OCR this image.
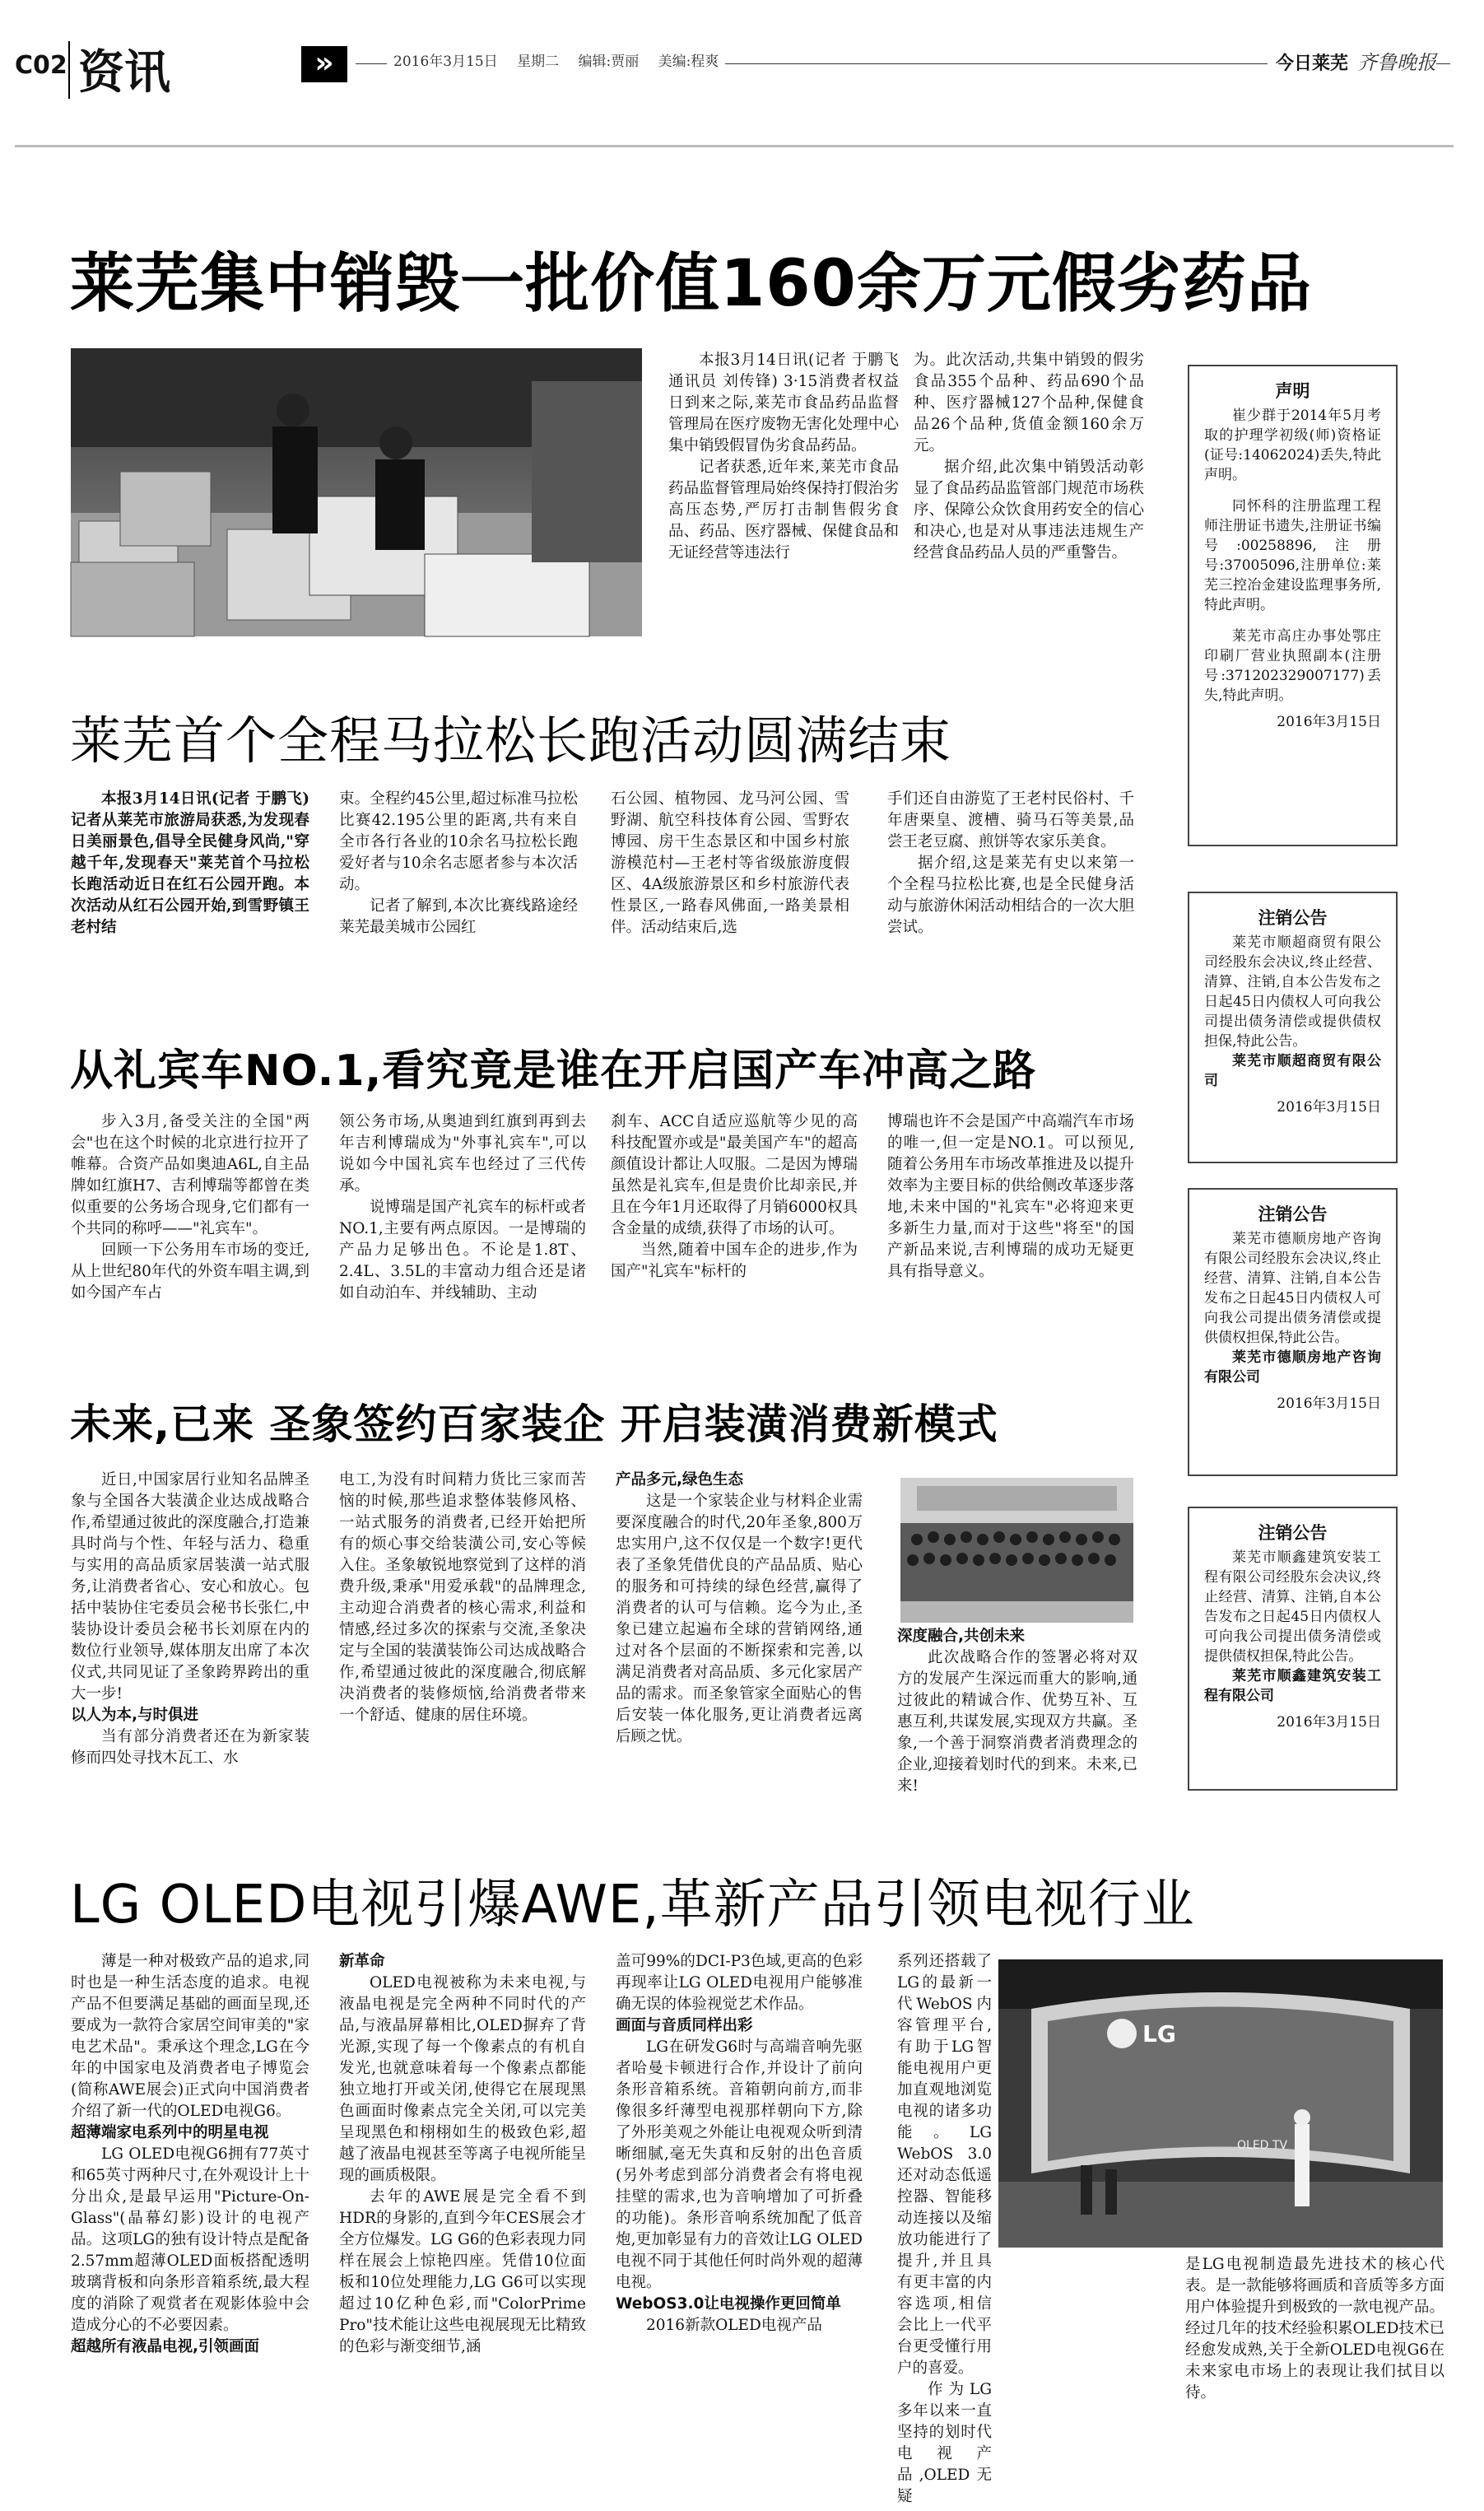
C02 资讯	»	2016年3月15日 星期二 编辑:贾丽 美编:程爽	今日莱芜 齐鲁晚报
莱芜集中销毁一批价值160余万元假劣药品

本报3月14日讯(记者 于鹏飞 通讯员 刘传锋) 3·15消费者权益日到来之际,莱芜市食品药品监督管理局在医疗废物无害化处理中心集中销毁假冒伪劣食品药品。

记者获悉,近年来,莱芜市食品药品监督管理局始终保持打假治劣高压态势,严厉打击制售假劣食品、药品、医疗器械、保健食品和无证经营等违法行

为。此次活动,共集中销毁的假劣食品355个品种、药品690个品种、医疗器械127个品种,保健食品26个品种,货值金额160余万元。

据介绍,此次集中销毁活动彰显了食品药品监管部门规范市场秩序、保障公众饮食用药安全的信心和决心,也是对从事违法违规生产经营食品药品人员的严重警告。

莱芜首个全程马拉松长跑活动圆满结束

本报3月14日讯(记者 于鹏飞) 记者从莱芜市旅游局获悉,为发现春日美丽景色,倡导全民健身风尚,"穿越千年,发现春天"莱芜首个马拉松长跑活动近日在红石公园开跑。本次活动从红石公园开始,到雪野镇王老村结

束。全程约45公里,超过标准马拉松比赛42.195公里的距离,共有来自全市各行各业的10余名马拉松长跑爱好者与10余名志愿者参与本次活动。

记者了解到,本次比赛线路途经莱芜最美城市公园红

石公园、植物园、龙马河公园、雪野湖、航空科技体育公园、雪野农博园、房干生态景区和中国乡村旅游模范村—王老村等省级旅游度假区、4A级旅游景区和乡村旅游代表性景区,一路春风佛面,一路美景相伴。活动结束后,选

手们还自由游览了王老村民俗村、千年唐栗皇、渡槽、骑马石等美景,品尝王老豆腐、煎饼等农家乐美食。

据介绍,这是莱芜有史以来第一个全程马拉松比赛,也是全民健身活动与旅游休闲活动相结合的一次大胆尝试。

从礼宾车NO.1,看究竟是谁在开启国产车冲高之路

步入3月,备受关注的全国"两会"也在这个时候的北京进行拉开了帷幕。合资产品如奥迪A6L,自主品牌如红旗H7、吉利博瑞等都曾在类似重要的公务场合现身,它们都有一个共同的称呼——"礼宾车"。

回顾一下公务用车市场的变迁,从上世纪80年代的外资车唱主调,到如今国产车占

领公务市场,从奥迪到红旗到再到去年吉利博瑞成为"外事礼宾车",可以说如今中国礼宾车也经过了三代传承。

说博瑞是国产礼宾车的标杆或者NO.1,主要有两点原因。一是博瑞的产品力足够出色。不论是1.8T、2.4L、3.5L的丰富动力组合还是诸如自动泊车、并线辅助、主动

刹车、ACC自适应巡航等少见的高科技配置亦或是"最美国产车"的超高颜值设计都让人叹服。二是因为博瑞虽然是礼宾车,但是贵价比却亲民,并且在今年1月还取得了月销6000权具含金量的成绩,获得了市场的认可。

当然,随着中国车企的进步,作为国产"礼宾车"标杆的

博瑞也许不会是国产中高端汽车市场的唯一,但一定是NO.1。可以预见,随着公务用车市场改革推进及以提升效率为主要目标的供给侧改革逐步落地,未来中国的"礼宾车"必将迎来更多新生力量,而对于这些"将至"的国产新品来说,吉利博瑞的成功无疑更具有指导意义。

未来,已来 圣象签约百家装企 开启装潢消费新模式

近日,中国家居行业知名品牌圣象与全国各大装潢企业达成战略合作,希望通过彼此的深度融合,打造兼具时尚与个性、年轻与活力、稳重与实用的高品质家居装潢一站式服务,让消费者省心、安心和放心。包括中装协住宅委员会秘书长张仁,中装协设计委员会秘书长刘原在内的数位行业领导,媒体朋友出席了本次仪式,共同见证了圣象跨界跨出的重大一步!

以人为本,与时俱进

当有部分消费者还在为新家装修而四处寻找木瓦工、水

电工,为没有时间精力货比三家而苦恼的时候,那些追求整体装修风格、一站式服务的消费者,已经开始把所有的烦心事交给装潢公司,安心等候入住。圣象敏锐地察觉到了这样的消费升级,秉承"用爱承载"的品牌理念,主动迎合消费者的核心需求,利益和情感,经过多次的探索与交流,圣象决定与全国的装潢装饰公司达成战略合作,希望通过彼此的深度融合,彻底解决消费者的装修烦恼,给消费者带来一个舒适、健康的居住环境。

产品多元,绿色生态

这是一个家装企业与材料企业需要深度融合的时代,20年圣象,800万忠实用户,这不仅仅是一个数字!更代表了圣象凭借优良的产品品质、贴心的服务和可持续的绿色经营,赢得了消费者的认可与信赖。迄今为止,圣象已建立起遍布全球的营销网络,通过对各个层面的不断探索和完善,以满足消费者对高品质、多元化家居产品的需求。而圣象管家全面贴心的售后安装一体化服务,更让消费者远离后顾之忧。

深度融合,共创未来

此次战略合作的签署必将对双方的发展产生深远而重大的影响,通过彼此的精诚合作、优势互补、互惠互利,共谋发展,实现双方共赢。圣象,一个善于洞察消费者消费理念的企业,迎接着划时代的到来。未来,已来!

声明

崔少群于2014年5月考取的护理学初级(师)资格证(证号:14062024)丢失,特此声明。

同怀科的注册监理工程师注册证书遗失,注册证书编号:00258896,注册号:37005096,注册单位:莱芜三控冶金建设监理事务所,特此声明。

莱芜市高庄办事处鄂庄印刷厂营业执照副本(注册号:371202329007177)丢失,特此声明。

2016年3月15日
注销公告

莱芜市顺超商贸有限公司经股东会决议,终止经营、清算、注销,自本公告发布之日起45日内债权人可向我公司提出债务清偿或提供债权担保,特此公告。

莱芜市顺超商贸有限公司

2016年3月15日
注销公告

莱芜市德顺房地产咨询有限公司经股东会决议,终止经营、清算、注销,自本公告发布之日起45日内债权人可向我公司提出债务清偿或提供债权担保,特此公告。

莱芜市德顺房地产咨询有限公司

2016年3月15日
注销公告

莱芜市顺鑫建筑安装工程有限公司经股东会决议,终止经营、清算、注销,自本公告发布之日起45日内债权人可向我公司提出债务清偿或提供债权担保,特此公告。

莱芜市顺鑫建筑安装工程有限公司

2016年3月15日
LG OLED电视引爆AWE,革新产品引领电视行业

薄是一种对极致产品的追求,同时也是一种生活态度的追求。电视产品不但要满足基础的画面呈现,还要成为一款符合家居空间审美的"家电艺术品"。秉承这个理念,LG在今年的中国家电及消费者电子博览会(简称AWE展会)正式向中国消费者介绍了新一代的OLED电视G6。

超薄端家电系列中的明星电视

LG OLED电视G6拥有77英寸和65英寸两种尺寸,在外观设计上十分出众,是最早运用"Picture-On-Glass"(晶幕幻影)设计的电视产品。这项LG的独有设计特点是配备2.57mm超薄OLED面板搭配透明玻璃背板和向条形音箱系统,最大程度的消除了观赏者在观影体验中会造成分心的不必要因素。

超越所有液晶电视,引领画面

新革命

OLED电视被称为未来电视,与液晶电视是完全两种不同时代的产品,与液晶屏幕相比,OLED摒弃了背光源,实现了每一个像素点的有机自发光,也就意味着每一个像素点都能独立地打开或关闭,使得它在展现黑色画面时像素点完全关闭,可以完美呈现黑色和栩栩如生的极致色彩,超越了液晶电视甚至等离子电视所能呈现的画质极限。

去年的AWE展是完全看不到HDR的身影的,直到今年CES展会才全方位爆发。LG G6的色彩表现力同样在展会上惊艳四座。凭借10位面板和10位处理能力,LG G6可以实现超过10亿种色彩,而"ColorPrime Pro"技术能让这些电视展现无比精致的色彩与渐变细节,涵

盖可99%的DCI-P3色域,更高的色彩再现率让LG OLED电视用户能够准确无误的体验视觉艺术作品。

画面与音质同样出彩

LG在研发G6时与高端音响先驱者哈曼卡顿进行合作,并设计了前向条形音箱系统。音箱朝向前方,而非像很多纤薄型电视那样朝向下方,除了外形美观之外能让电视观众听到清晰细腻,毫无失真和反射的出色音质(另外考虑到部分消费者会有将电视挂壁的需求,也为音响增加了可折叠的功能)。条形音响系统加配了低音炮,更加彰显有力的音效让LG OLED电视不同于其他任何时尚外观的超薄电视。

WebOS3.0让电视操作更回简单

2016新款OLED电视产品

系列还搭载了LG的最新一代WebOS内容管理平台,有助于LG智能电视用户更加直观地浏览电视的诸多功能。LG WebOS 3.0还对动态低遥控器、智能移动连接以及缩放功能进行了提升,并且具有更丰富的内容选项,相信会比上一代平台更受懂行用户的喜爱。

作为LG多年以来一直坚持的划时代电视产品,OLED无疑

LG
OLED TV

是LG电视制造最先进技术的核心代表。是一款能够将画质和音质等多方面用户体验提升到极致的一款电视产品。经过几年的技术经验积累OLED技术已经愈发成熟,关于全新OLED电视G6在未来家电市场上的表现让我们拭目以待。
